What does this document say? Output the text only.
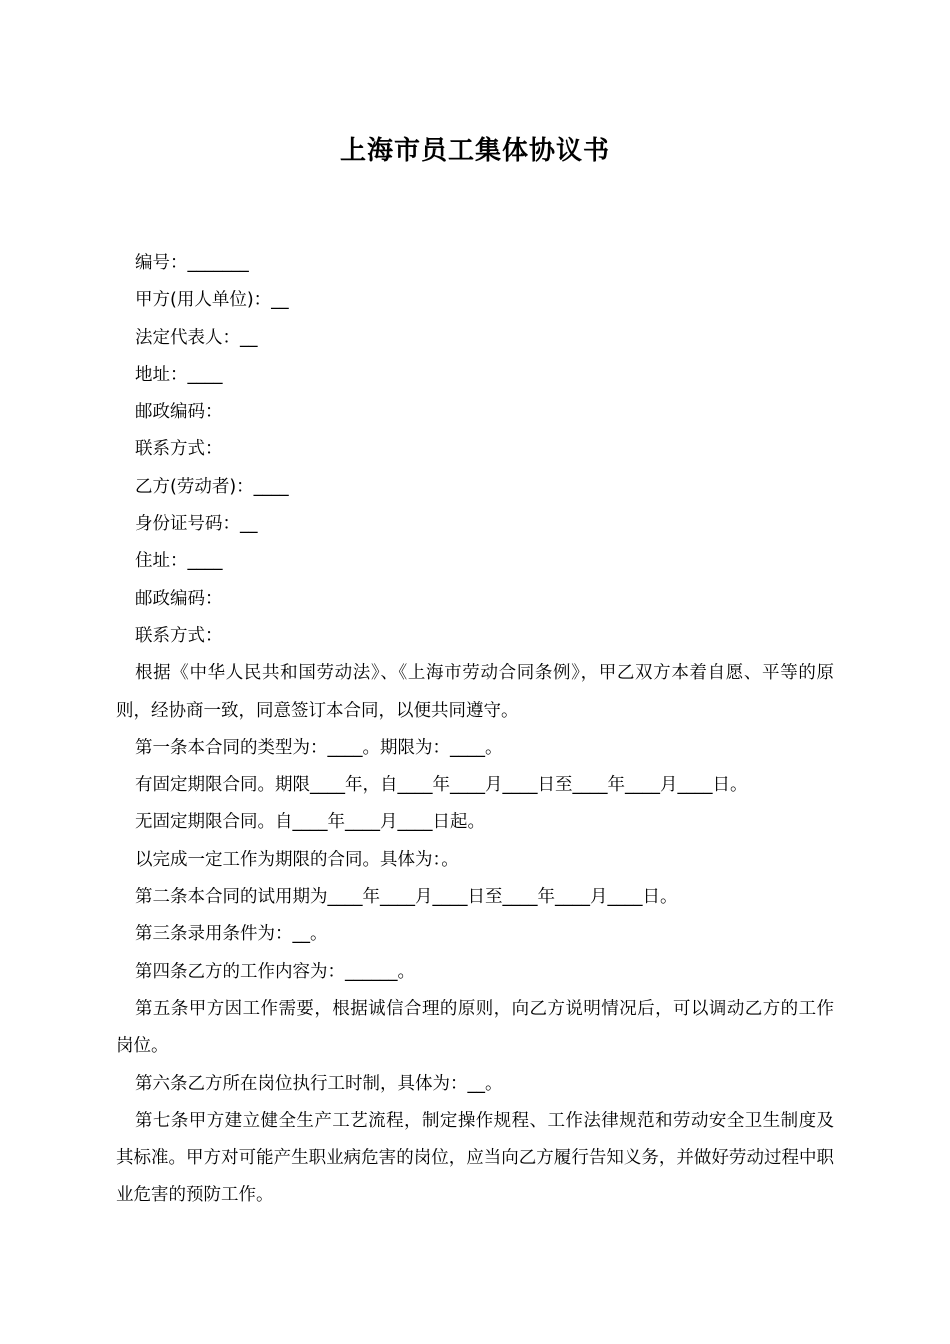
上海市员工集体协议书

编号：_______

甲方(用人单位)：__

法定代表人：__

地址：____

邮政编码：

联系方式：

乙方(劳动者)：____

身份证号码：__

住址：____

邮政编码：

联系方式：

根据《中华人民共和国劳动法》、《上海市劳动合同条例》，甲乙双方本着自愿、平等的原则，经协商一致，同意签订本合同，以便共同遵守。

第一条本合同的类型为：____。期限为：____。

有固定期限合同。期限____年，自____年____月____日至____年____月____日。

无固定期限合同。自____年____月____日起。

以完成一定工作为期限的合同。具体为：。

第二条本合同的试用期为____年____月____日至____年____月____日。

第三条录用条件为：__。

第四条乙方的工作内容为：______。

第五条甲方因工作需要，根据诚信合理的原则，向乙方说明情况后，可以调动乙方的工作岗位。

第六条乙方所在岗位执行工时制，具体为：__。

第七条甲方建立健全生产工艺流程，制定操作规程、工作法律规范和劳动安全卫生制度及其标准。甲方对可能产生职业病危害的岗位，应当向乙方履行告知义务，并做好劳动过程中职业危害的预防工作。
